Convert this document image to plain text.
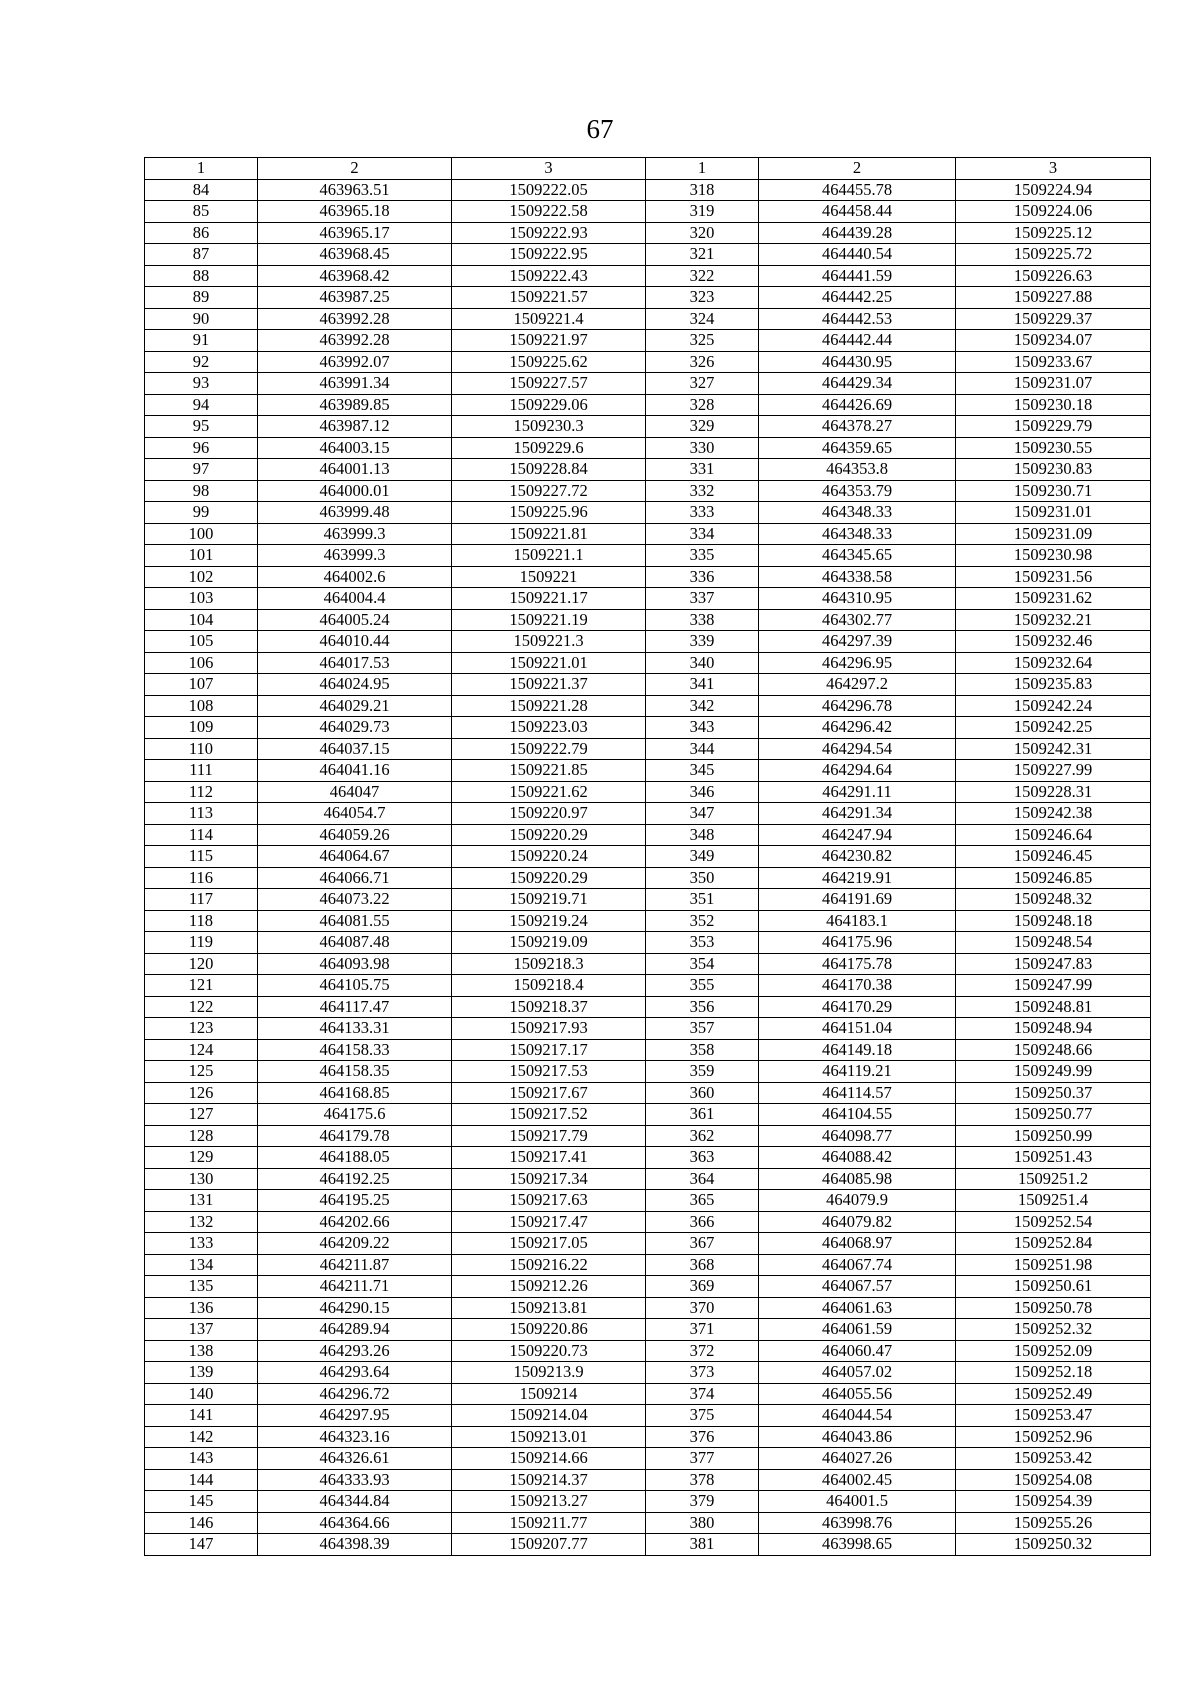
67
1	2	3	1	2	3
84	463963.51	1509222.05	318	464455.78	1509224.94
85	463965.18	1509222.58	319	464458.44	1509224.06
86	463965.17	1509222.93	320	464439.28	1509225.12
87	463968.45	1509222.95	321	464440.54	1509225.72
88	463968.42	1509222.43	322	464441.59	1509226.63
89	463987.25	1509221.57	323	464442.25	1509227.88
90	463992.28	1509221.4	324	464442.53	1509229.37
91	463992.28	1509221.97	325	464442.44	1509234.07
92	463992.07	1509225.62	326	464430.95	1509233.67
93	463991.34	1509227.57	327	464429.34	1509231.07
94	463989.85	1509229.06	328	464426.69	1509230.18
95	463987.12	1509230.3	329	464378.27	1509229.79
96	464003.15	1509229.6	330	464359.65	1509230.55
97	464001.13	1509228.84	331	464353.8	1509230.83
98	464000.01	1509227.72	332	464353.79	1509230.71
99	463999.48	1509225.96	333	464348.33	1509231.01
100	463999.3	1509221.81	334	464348.33	1509231.09
101	463999.3	1509221.1	335	464345.65	1509230.98
102	464002.6	1509221	336	464338.58	1509231.56
103	464004.4	1509221.17	337	464310.95	1509231.62
104	464005.24	1509221.19	338	464302.77	1509232.21
105	464010.44	1509221.3	339	464297.39	1509232.46
106	464017.53	1509221.01	340	464296.95	1509232.64
107	464024.95	1509221.37	341	464297.2	1509235.83
108	464029.21	1509221.28	342	464296.78	1509242.24
109	464029.73	1509223.03	343	464296.42	1509242.25
110	464037.15	1509222.79	344	464294.54	1509242.31
111	464041.16	1509221.85	345	464294.64	1509227.99
112	464047	1509221.62	346	464291.11	1509228.31
113	464054.7	1509220.97	347	464291.34	1509242.38
114	464059.26	1509220.29	348	464247.94	1509246.64
115	464064.67	1509220.24	349	464230.82	1509246.45
116	464066.71	1509220.29	350	464219.91	1509246.85
117	464073.22	1509219.71	351	464191.69	1509248.32
118	464081.55	1509219.24	352	464183.1	1509248.18
119	464087.48	1509219.09	353	464175.96	1509248.54
120	464093.98	1509218.3	354	464175.78	1509247.83
121	464105.75	1509218.4	355	464170.38	1509247.99
122	464117.47	1509218.37	356	464170.29	1509248.81
123	464133.31	1509217.93	357	464151.04	1509248.94
124	464158.33	1509217.17	358	464149.18	1509248.66
125	464158.35	1509217.53	359	464119.21	1509249.99
126	464168.85	1509217.67	360	464114.57	1509250.37
127	464175.6	1509217.52	361	464104.55	1509250.77
128	464179.78	1509217.79	362	464098.77	1509250.99
129	464188.05	1509217.41	363	464088.42	1509251.43
130	464192.25	1509217.34	364	464085.98	1509251.2
131	464195.25	1509217.63	365	464079.9	1509251.4
132	464202.66	1509217.47	366	464079.82	1509252.54
133	464209.22	1509217.05	367	464068.97	1509252.84
134	464211.87	1509216.22	368	464067.74	1509251.98
135	464211.71	1509212.26	369	464067.57	1509250.61
136	464290.15	1509213.81	370	464061.63	1509250.78
137	464289.94	1509220.86	371	464061.59	1509252.32
138	464293.26	1509220.73	372	464060.47	1509252.09
139	464293.64	1509213.9	373	464057.02	1509252.18
140	464296.72	1509214	374	464055.56	1509252.49
141	464297.95	1509214.04	375	464044.54	1509253.47
142	464323.16	1509213.01	376	464043.86	1509252.96
143	464326.61	1509214.66	377	464027.26	1509253.42
144	464333.93	1509214.37	378	464002.45	1509254.08
145	464344.84	1509213.27	379	464001.5	1509254.39
146	464364.66	1509211.77	380	463998.76	1509255.26
147	464398.39	1509207.77	381	463998.65	1509250.32
